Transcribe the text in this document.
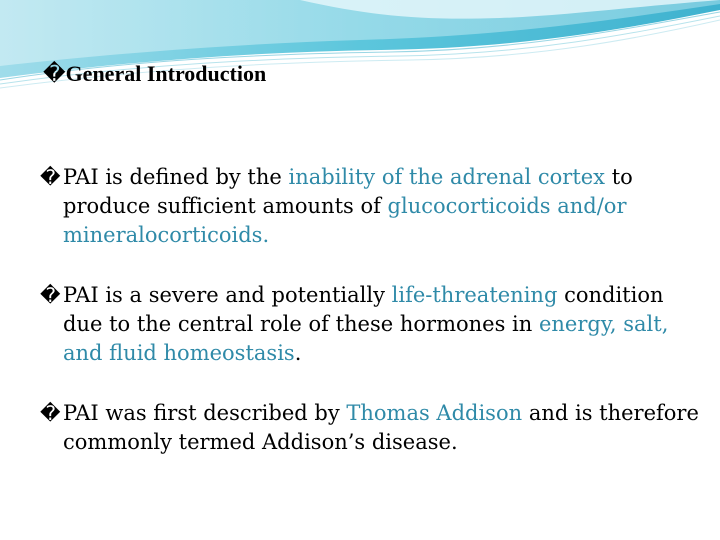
�General Introduction
� PAI is defined by the inability of the adrenal cortex to produce sufficient amounts of glucocorticoids and/or mineralocorticoids.
� PAI is a severe and potentially life-threatening condition due to the central role of these hormones in energy, salt, and fluid homeostasis.
� PAI was first described by Thomas Addison and is therefore commonly termed Addison’s disease.
